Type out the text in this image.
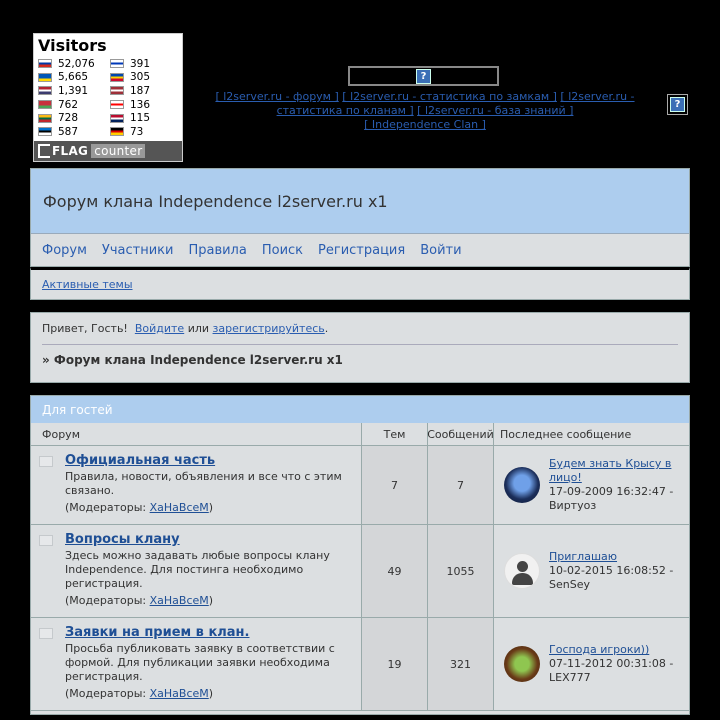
Visitors
52,076	391
5,665	305
1,391	187
762	136
728	115
587	73
FLAG counter
?
[ l2server.ru - форум ] [ l2server.ru - статистика по замкам ] [ l2server.ru -
статистика по кланам ] [ l2server.ru - база знаний ]
[ Independence Clan ]
?
Форум клана Independence l2server.ru x1
Форум Участники Правила Поиск Регистрация Войти
Активные темы
Привет, Гость! Войдите или зарегистрируйтесь.
» Форум клана Independence l2server.ru x1
Для гостей
Форум	Тем	Сообщений Последнее сообщение
Официальная часть
Правила, новости, объявления и все что с этим связано.
(Модераторы: ХаНаВсеМ)
7	7
Будем знать Крысу в лицо!
17-09-2009 16:32:47 -
Виртуоз
Вопросы клану
Здесь можно задавать любые вопросы клану Independence. Для постинга необходимо регистрация.
(Модераторы: ХаНаВсеМ)
49	1055
Приглашаю
10-02-2015 16:08:52 -
SenSey
Заявки на прием в клан.
Просьба публиковать заявку в соответствии с формой. Для публикации заявки необходима регистрация.
(Модераторы: ХаНаВсеМ)
19	321
Господа игроки))
07-11-2012 00:31:08 -
LEX777
